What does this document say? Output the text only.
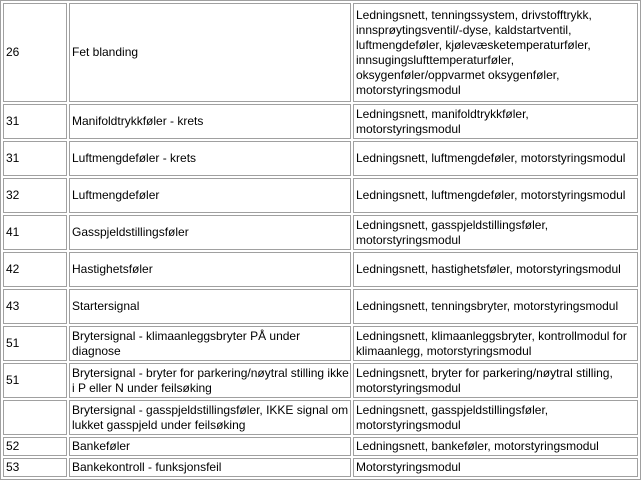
26	Fet blanding	Ledningsnett, tenningssystem, drivstofftrykk, innsprøytingsventil/-dyse, kaldstartventil, luftmengdeføler, kjølevæsketemperaturføler, innsugingslufttemperaturføler, oksygenføler/oppvarmet oksygenføler, motorstyringsmodul
31	Manifoldtrykkføler - krets	Ledningsnett, manifoldtrykkføler, motorstyringsmodul
31	Luftmengdeføler - krets	Ledningsnett, luftmengdeføler, motorstyringsmodul
32	Luftmengdeføler	Ledningsnett, luftmengdeføler, motorstyringsmodul
41	Gasspjeldstillingsføler	Ledningsnett, gasspjeldstillingsføler, motorstyringsmodul
42	Hastighetsføler	Ledningsnett, hastighetsføler, motorstyringsmodul
43	Startersignal	Ledningsnett, tenningsbryter, motorstyringsmodul
51	Brytersignal - klimaanleggsbryter PÅ under diagnose	Ledningsnett, klimaanleggsbryter, kontrollmodul for klimaanlegg, motorstyringsmodul
51	Brytersignal - bryter for parkering/nøytral stilling ikke i P eller N under feilsøking	Ledningsnett, bryter for parkering/nøytral stilling, motorstyringsmodul
	Brytersignal - gasspjeldstillingsføler, IKKE signal om lukket gasspjeld under feilsøking	Ledningsnett, gasspjeldstillingsføler, motorstyringsmodul
52	Bankeføler	Ledningsnett, bankeføler, motorstyringsmodul
53	Bankekontroll - funksjonsfeil	Motorstyringsmodul
